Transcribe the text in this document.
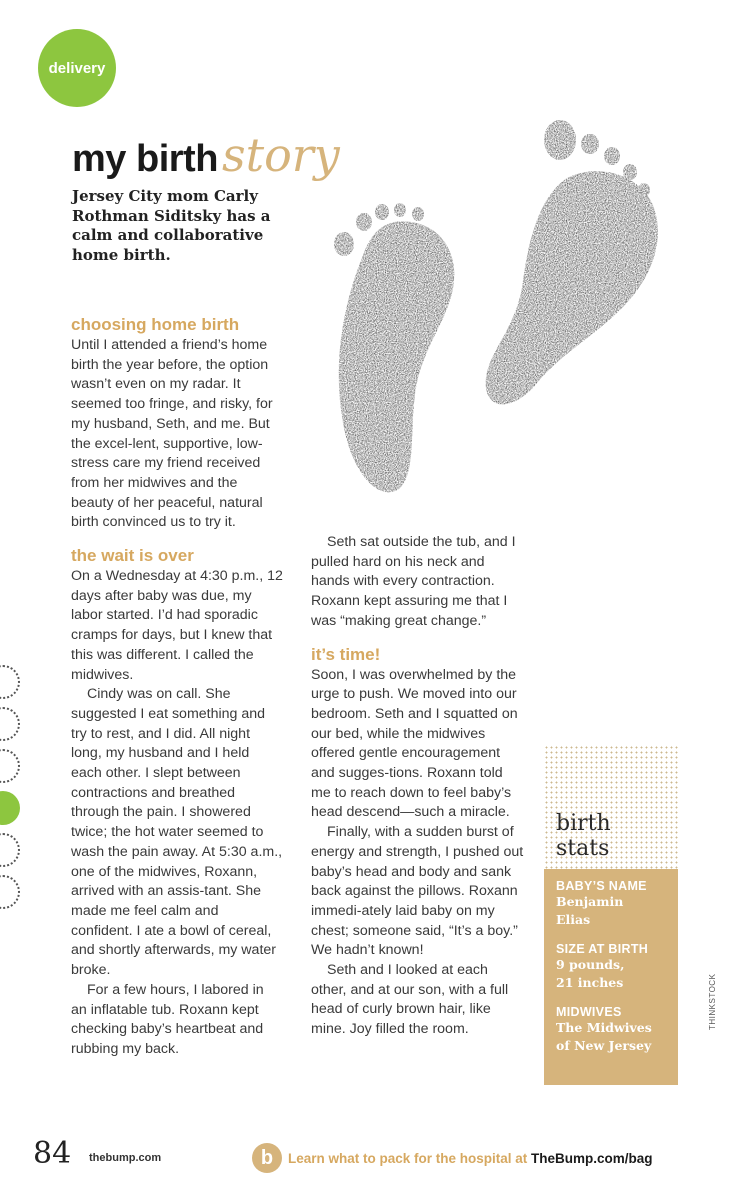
delivery
my birth story
Jersey City mom Carly Rothman Siditsky has a calm and collaborative home birth.
choosing home birth

Until I attended a friend’s home birth the year before, the option wasn’t even on my radar. It seemed too fringe, and risky, for my husband, Seth, and me. But the excel-lent, supportive, low-stress care my friend received from her midwives and the beauty of her peaceful, natural birth convinced us to try it.

the wait is over

On a Wednesday at 4:30 p.m., 12 days after baby was due, my labor started. I’d had sporadic cramps for days, but I knew that this was different. I called the midwives.

Cindy was on call. She suggested I eat something and try to rest, and I did. All night long, my husband and I held each other. I slept between contractions and breathed through the pain. I showered twice; the hot water seemed to wash the pain away. At 5:30 a.m., one of the midwives, Roxann, arrived with an assis-tant. She made me feel calm and confident. I ate a bowl of cereal, and shortly afterwards, my water broke.

For a few hours, I labored in an inflatable tub. Roxann kept checking baby’s heartbeat and rubbing my back.

Seth sat outside the tub, and I pulled hard on his neck and hands with every contraction. Roxann kept assuring me that I was “making great change.”

it’s time!

Soon, I was overwhelmed by the urge to push. We moved into our bedroom. Seth and I squatted on our bed, while the midwives offered gentle encouragement and sugges-tions. Roxann told me to reach down to feel baby’s head descend—such a miracle.

Finally, with a sudden burst of energy and strength, I pushed out baby’s head and body and sank back against the pillows. Roxann immedi-ately laid baby on my chest; someone said, “It’s a boy.” We hadn’t known!

Seth and I looked at each other, and at our son, with a full head of curly brown hair, like mine. Joy filled the room.

birth
stats
BABY’S NAME
Benjamin Elias
SIZE AT BIRTH
9 pounds, 21 inches
MIDWIVES
The Midwives of New Jersey
THINKSTOCK
84 thebump.com	b	Learn what to pack for the hospital at TheBump.com/bag
